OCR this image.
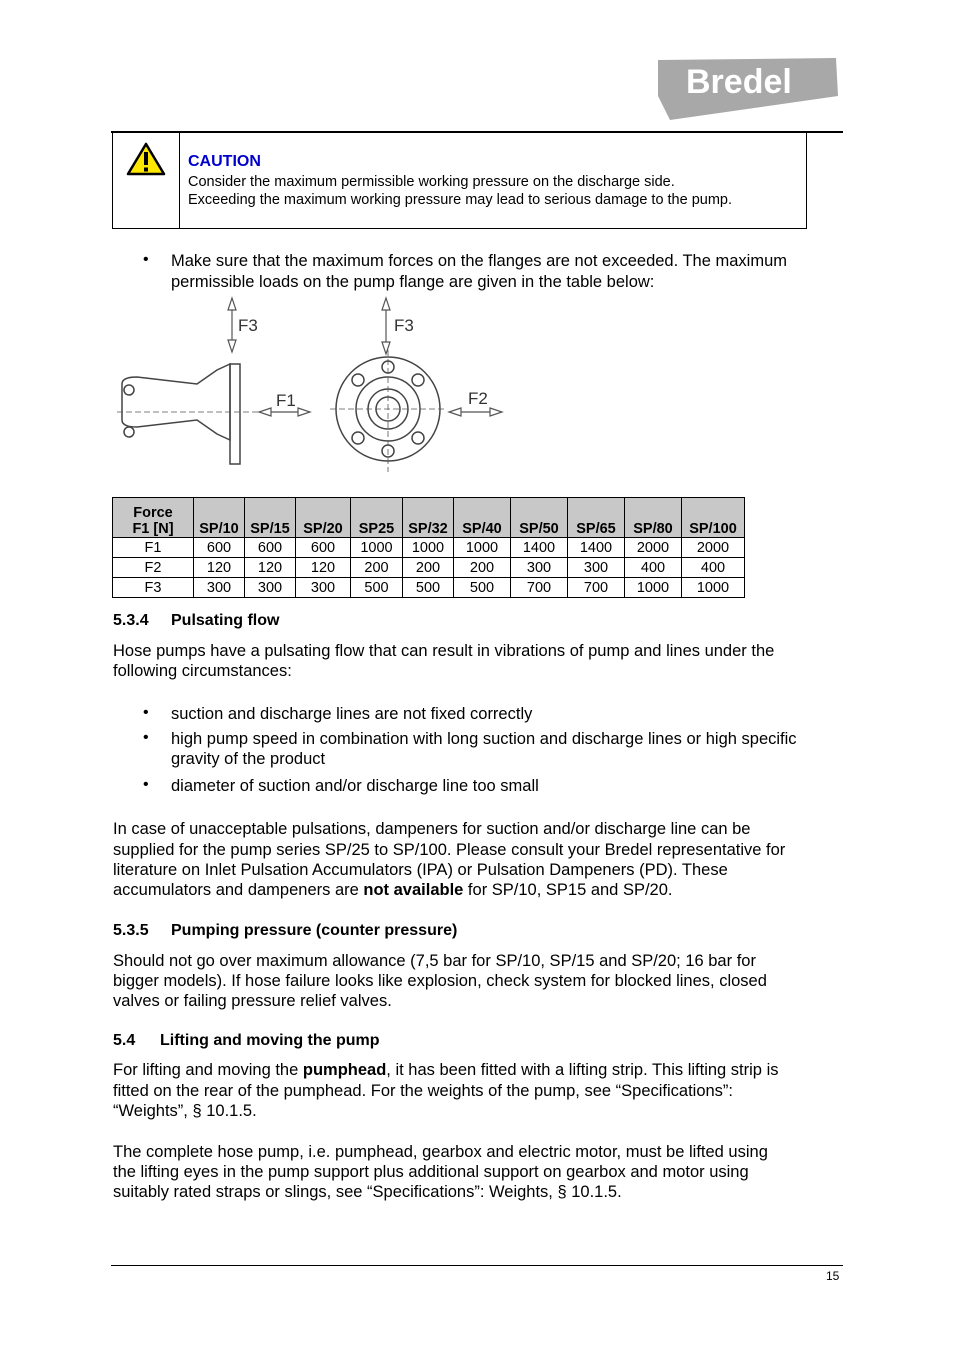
Bredel
CAUTION
Consider the maximum permissible working pressure on the discharge side.
Exceeding the maximum working pressure may lead to serious damage to the pump.
• Make sure that the maximum forces on the flanges are not exceeded. The maximum
permissible loads on the pump flange are given in the table below:
F3
F1
F3
F2
Force
F1 [N]	SP/10	SP/15	SP/20	SP25	SP/32	SP/40	SP/50	SP/65	SP/80	SP/100
F1	600	600	600	1000	1000	1000	1400	1400	2000	2000
F2	120	120	120	200	200	200	300	300	400	400
F3	300	300	300	500	500	500	700	700	1000	1000
5.3.4 Pulsating flow
Hose pumps have a pulsating flow that can result in vibrations of pump and lines under the
following circumstances:
• suction and discharge lines are not fixed correctly
• high pump speed in combination with long suction and discharge lines or high specific
gravity of the product
• diameter of suction and/or discharge line too small
In case of unacceptable pulsations, dampeners for suction and/or discharge line can be
supplied for the pump series SP/25 to SP/100. Please consult your Bredel representative for
literature on Inlet Pulsation Accumulators (IPA) or Pulsation Dampeners (PD). These
accumulators and dampeners are not available for SP/10, SP15 and SP/20.
5.3.5 Pumping pressure (counter pressure)
Should not go over maximum allowance (7,5 bar for SP/10, SP/15 and SP/20; 16 bar for
bigger models). If hose failure looks like explosion, check system for blocked lines, closed
valves or failing pressure relief valves.
5.4 Lifting and moving the pump
For lifting and moving the pumphead, it has been fitted with a lifting strip. This lifting strip is
fitted on the rear of the pumphead. For the weights of the pump, see “Specifications”:
“Weights”, § 10.1.5.
The complete hose pump, i.e. pumphead, gearbox and electric motor, must be lifted using
the lifting eyes in the pump support plus additional support on gearbox and motor using
suitably rated straps or slings, see “Specifications”: Weights, § 10.1.5.
15
